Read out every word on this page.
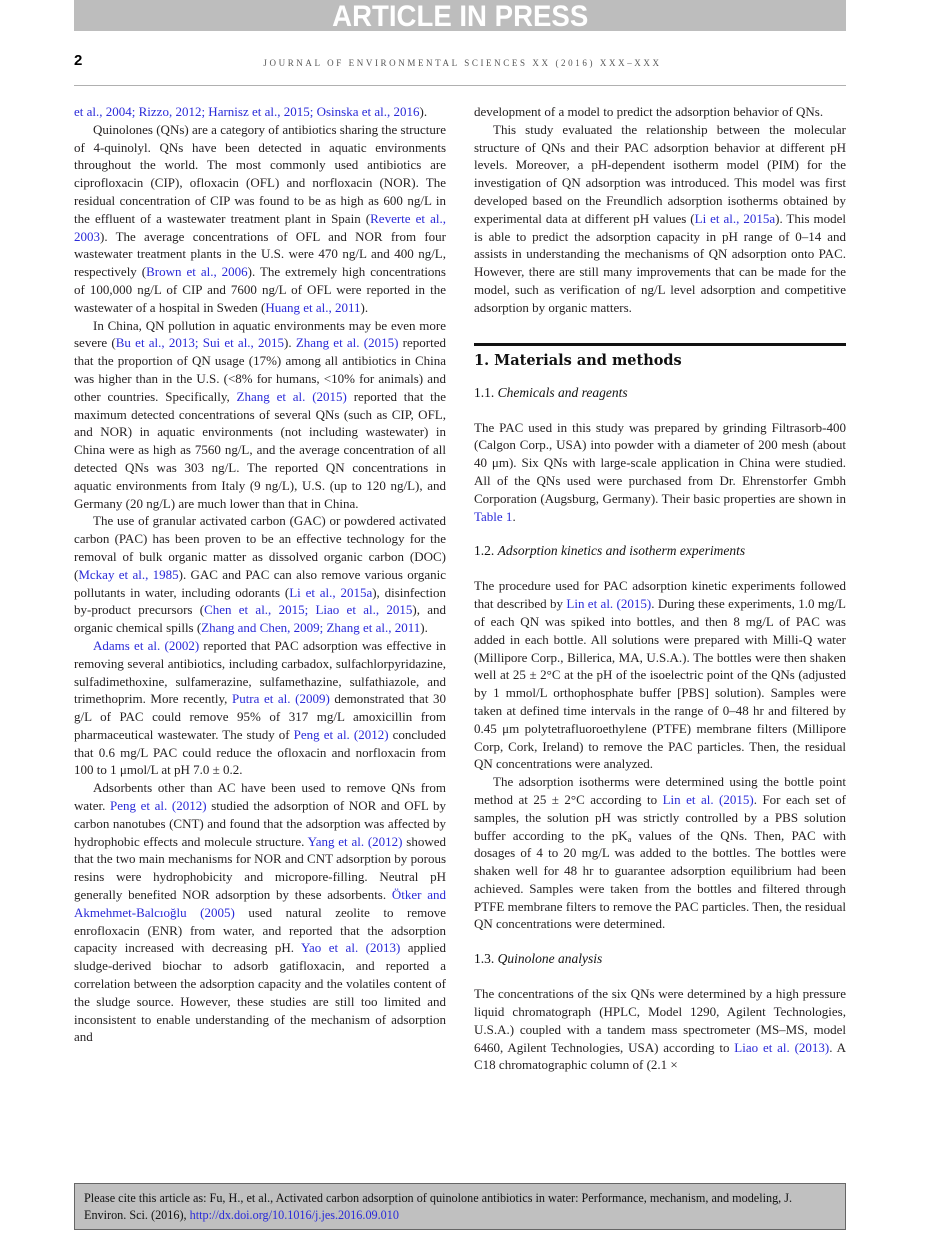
ARTICLE IN PRESS
2	JOURNAL OF ENVIRONMENTAL SCIENCES XX (2016) XXX–XXX

et al., 2004; Rizzo, 2012; Harnisz et al., 2015; Osinska et al., 2016).

Quinolones (QNs) are a category of antibiotics sharing the structure of 4-quinolyl. QNs have been detected in aquatic environments throughout the world. The most commonly used antibiotics are ciprofloxacin (CIP), ofloxacin (OFL) and norfloxacin (NOR). The residual concentration of CIP was found to be as high as 600 ng/L in the effluent of a wastewater treatment plant in Spain (Reverte et al., 2003). The average concentrations of OFL and NOR from four wastewater treatment plants in the U.S. were 470 ng/L and 400 ng/L, respectively (Brown et al., 2006). The extremely high concentrations of 100,000 ng/L of CIP and 7600 ng/L of OFL were reported in the wastewater of a hospital in Sweden (Huang et al., 2011).

In China, QN pollution in aquatic environments may be even more severe (Bu et al., 2013; Sui et al., 2015). Zhang et al. (2015) reported that the proportion of QN usage (17%) among all antibiotics in China was higher than in the U.S. (<8% for humans, <10% for animals) and other countries. Specifically, Zhang et al. (2015) reported that the maximum detected concentrations of several QNs (such as CIP, OFL, and NOR) in aquatic environments (not including wastewater) in China were as high as 7560 ng/L, and the average concentration of all detected QNs was 303 ng/L. The reported QN concentrations in aquatic environments from Italy (9 ng/L), U.S. (up to 120 ng/L), and Germany (20 ng/L) are much lower than that in China.

The use of granular activated carbon (GAC) or powdered activated carbon (PAC) has been proven to be an effective technology for the removal of bulk organic matter as dissolved organic carbon (DOC) (Mckay et al., 1985). GAC and PAC can also remove various organic pollutants in water, including odorants (Li et al., 2015a), disinfection by-product precursors (Chen et al., 2015; Liao et al., 2015), and organic chemical spills (Zhang and Chen, 2009; Zhang et al., 2011).

Adams et al. (2002) reported that PAC adsorption was effective in removing several antibiotics, including carbadox, sulfachlorpyridazine, sulfadimethoxine, sulfamerazine, sulfamethazine, sulfathiazole, and trimethoprim. More recently, Putra et al. (2009) demonstrated that 30 g/L of PAC could remove 95% of 317 mg/L amoxicillin from pharmaceutical wastewater. The study of Peng et al. (2012) concluded that 0.6 mg/L PAC could reduce the ofloxacin and norfloxacin from 100 to 1 μmol/L at pH 7.0 ± 0.2.

Adsorbents other than AC have been used to remove QNs from water. Peng et al. (2012) studied the adsorption of NOR and OFL by carbon nanotubes (CNT) and found that the adsorption was affected by hydrophobic effects and molecule structure. Yang et al. (2012) showed that the two main mechanisms for NOR and CNT adsorption by porous resins were hydrophobicity and micropore-filling. Neutral pH generally benefited NOR adsorption by these adsorbents. Ötker and Akmehmet-Balcıoğlu (2005) used natural zeolite to remove enrofloxacin (ENR) from water, and reported that the adsorption capacity increased with decreasing pH. Yao et al. (2013) applied sludge-derived biochar to adsorb gatifloxacin, and reported a correlation between the adsorption capacity and the volatiles content of the sludge source. However, these studies are still too limited and inconsistent to enable understanding of the mechanism of adsorption and

development of a model to predict the adsorption behavior of QNs.

This study evaluated the relationship between the molecular structure of QNs and their PAC adsorption behavior at different pH levels. Moreover, a pH-dependent isotherm model (PIM) for the investigation of QN adsorption was introduced. This model was first developed based on the Freundlich adsorption isotherms obtained by experimental data at different pH values (Li et al., 2015a). This model is able to predict the adsorption capacity in pH range of 0–14 and assists in understanding the mechanisms of QN adsorption onto PAC. However, there are still many improvements that can be made for the model, such as verification of ng/L level adsorption and competitive adsorption by organic matters.

1. Materials and methods
1.1. Chemicals and reagents

The PAC used in this study was prepared by grinding Filtrasorb-400 (Calgon Corp., USA) into powder with a diameter of 200 mesh (about 40 μm). Six QNs with large-scale application in China were studied. All of the QNs used were purchased from Dr. Ehrenstorfer Gmbh Corporation (Augsburg, Germany). Their basic properties are shown in Table 1.

1.2. Adsorption kinetics and isotherm experiments

The procedure used for PAC adsorption kinetic experiments followed that described by Lin et al. (2015). During these experiments, 1.0 mg/L of each QN was spiked into bottles, and then 8 mg/L of PAC was added in each bottle. All solutions were prepared with Milli-Q water (Millipore Corp., Billerica, MA, U.S.A.). The bottles were then shaken well at 25 ± 2°C at the pH of the isoelectric point of the QNs (adjusted by 1 mmol/L orthophosphate buffer [PBS] solution). Samples were taken at defined time intervals in the range of 0–48 hr and filtered by 0.45 μm polytetrafluoroethylene (PTFE) membrane filters (Millipore Corp, Cork, Ireland) to remove the PAC particles. Then, the residual QN concentrations were analyzed.

The adsorption isotherms were determined using the bottle point method at 25 ± 2°C according to Lin et al. (2015). For each set of samples, the solution pH was strictly controlled by a PBS solution buffer according to the $pK_a$ values of the QNs. Then, PAC with dosages of 4 to 20 mg/L was added to the bottles. The bottles were shaken well for 48 hr to guarantee adsorption equilibrium had been achieved. Samples were taken from the bottles and filtered through PTFE membrane filters to remove the PAC particles. Then, the residual QN concentrations were determined.

1.3. Quinolone analysis

The concentrations of the six QNs were determined by a high pressure liquid chromatograph (HPLC, Model 1290, Agilent Technologies, U.S.A.) coupled with a tandem mass spectrometer (MS–MS, model 6460, Agilent Technologies, USA) according to Liao et al. (2013). A C18 chromatographic column of (2.1 ×

Please cite this article as: Fu, H., et al., Activated carbon adsorption of quinolone antibiotics in water: Performance, mechanism, and modeling, J. Environ. Sci. (2016), http://dx.doi.org/10.1016/j.jes.2016.09.010
